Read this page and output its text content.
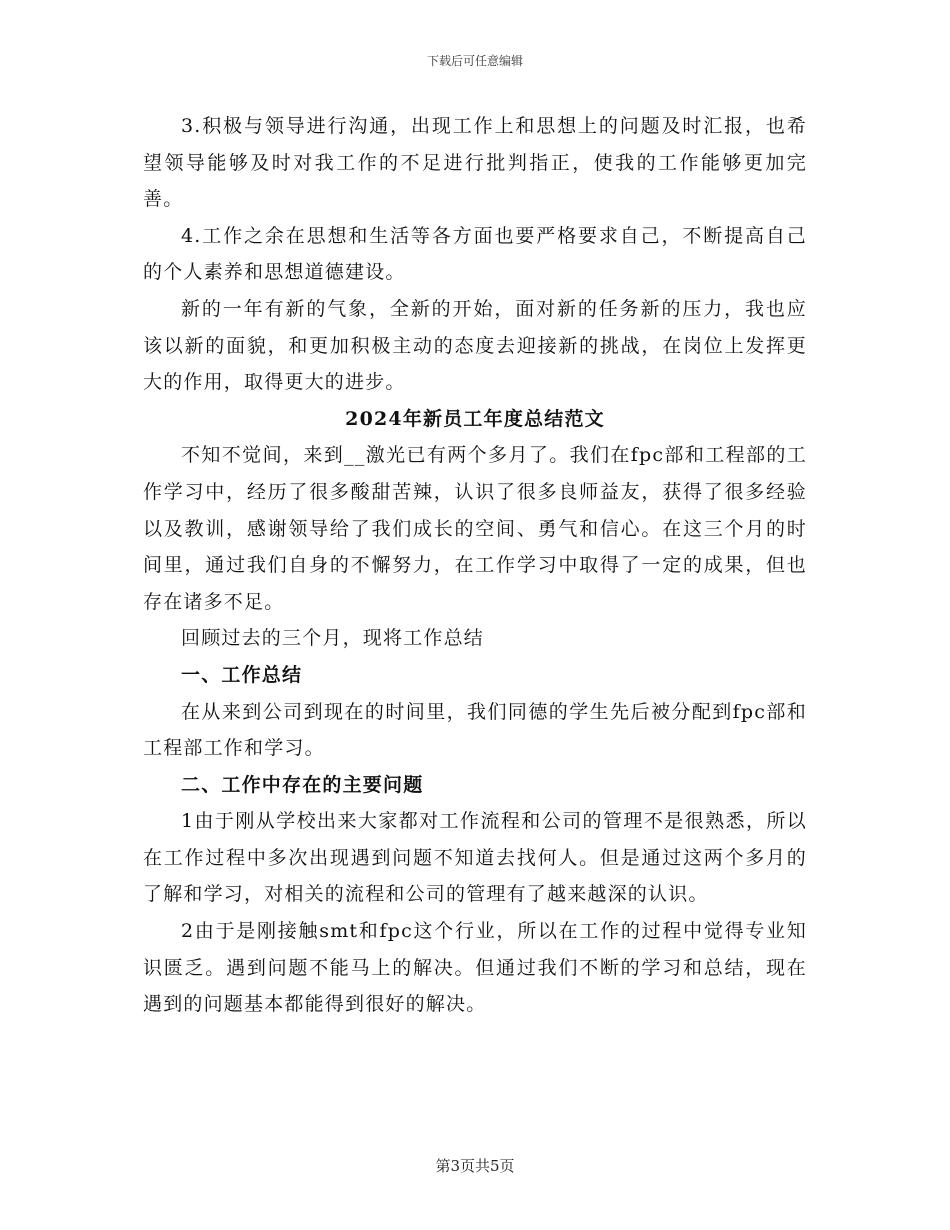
下载后可任意编辑

3.积极与领导进行沟通，出现工作上和思想上的问题及时汇报，也希望领导能够及时对我工作的不足进行批判指正，使我的工作能够更加完善。

4.工作之余在思想和生活等各方面也要严格要求自己，不断提高自己的个人素养和思想道德建设。

新的一年有新的气象，全新的开始，面对新的任务新的压力，我也应该以新的面貌，和更加积极主动的态度去迎接新的挑战，在岗位上发挥更大的作用，取得更大的进步。

2024年新员工年度总结范文

不知不觉间，来到__激光已有两个多月了。我们在fpc部和工程部的工作学习中，经历了很多酸甜苦辣，认识了很多良师益友，获得了很多经验以及教训，感谢领导给了我们成长的空间、勇气和信心。在这三个月的时间里，通过我们自身的不懈努力，在工作学习中取得了一定的成果，但也存在诸多不足。

回顾过去的三个月，现将工作总结

一、工作总结

在从来到公司到现在的时间里，我们同德的学生先后被分配到fpc部和工程部工作和学习。

二、工作中存在的主要问题

1由于刚从学校出来大家都对工作流程和公司的管理不是很熟悉，所以在工作过程中多次出现遇到问题不知道去找何人。但是通过这两个多月的了解和学习，对相关的流程和公司的管理有了越来越深的认识。

2由于是刚接触smt和fpc这个行业，所以在工作的过程中觉得专业知识匮乏。遇到问题不能马上的解决。但通过我们不断的学习和总结，现在遇到的问题基本都能得到很好的解决。

第3页共5页
